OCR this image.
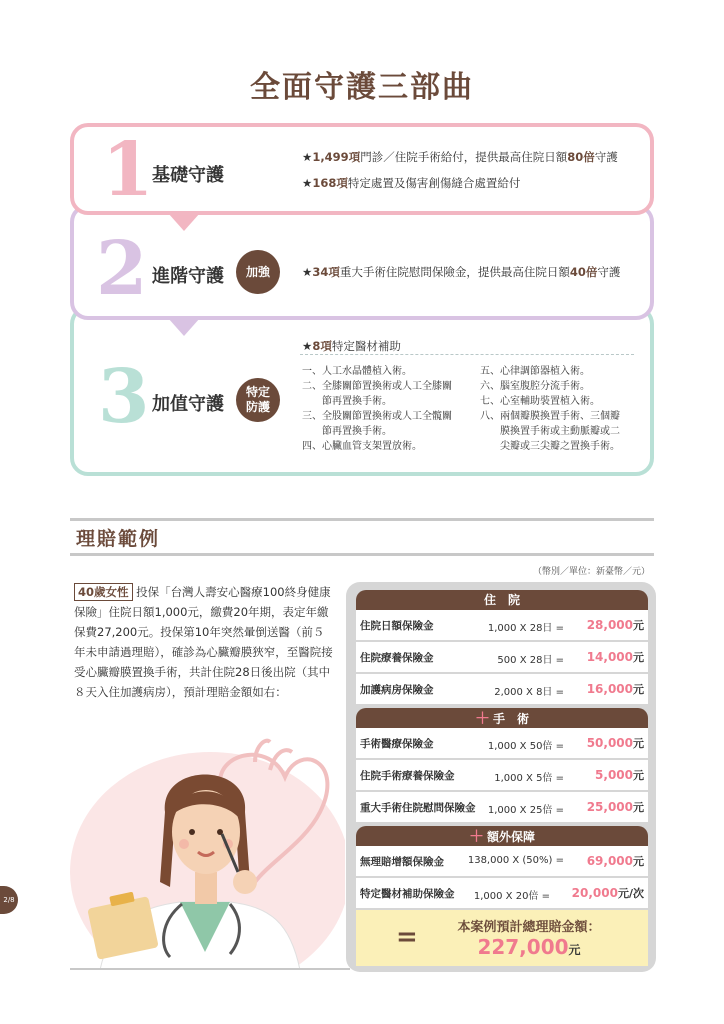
全面守護三部曲
1
基礎守護
★1,499項門診／住院手術給付，提供最高住院日額80倍守護
★168項特定處置及傷害創傷縫合處置給付
2 進階守護	加強	★34項重大手術住院慰問保險金，提供最高住院日額40倍守護
3 加值守護
特定
防護
★8項特定醫材補助
一、人工水晶體植入術。
二、全膝關節置換術或人工全膝關
　　節再置換手術。
三、全股關節置換術或人工全髖關
　　節再置換手術。
四、心臟血管支架置放術。
五、心律調節器植入術。
六、腦室腹腔分流手術。
七、心室輔助裝置植入術。
八、兩個瓣膜換置手術、三個瓣
　　膜換置手術或主動脈瓣或二
　　尖瓣或三尖瓣之置換手術。
理賠範例
（幣別／單位：新臺幣／元）
40歲女性 投保「台灣人壽安心醫療100終身健康保險」住院日額1,000元，繳費20年期，表定年繳保費27,200元。投保第10年突然暈倒送醫（前５年未申請過理賠），確診為心臟瓣膜狹窄，至醫院接受心臟瓣膜置換手術，共計住院28日後出院（其中８天入住加護病房），預計理賠金額如右：
住　院
住院日額保險金	1,000 X 28日 = 28,000元
住院療養保險金	500 X 28日 = 14,000元
加護病房保險金	2,000 X 8日 = 16,000元
＋ 手　術
手術醫療保險金	1,000 X 50倍 = 50,000元
住院手術療養保險金	1,000 X 5倍 =	5,000元
重大手術住院慰問保險金 1,000 X 25倍 = 25,000元
＋ 額外保障
無理賠增額保險金 138,000 X (50%) = 69,000元
特定醫材補助保險金 1,000 X 20倍 = 20,000元/次
=	本案例預計總理賠金額：
227,000元
2/8
